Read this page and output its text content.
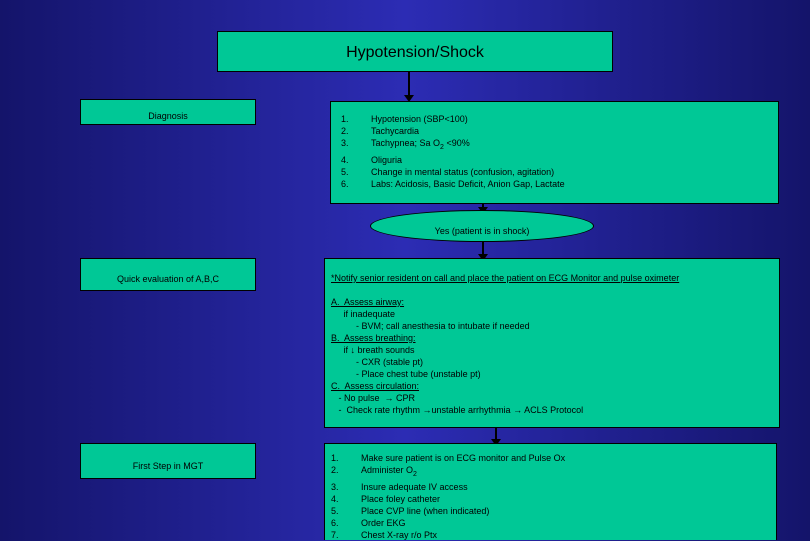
Hypotension/Shock
$_{Diagnosis}$	1. Hypotension (SBP<100)
2. Tachycardia
3. Tachypnea; Sa $O_2 <90\%$
4. Oliguria
5. Change in mental status (confusion, agitation)
6. Labs: Acidosis, Basic Deficit, Anion Gap, Lactate
$_{Yes (patient is in shock)}$
$_{Quick evaluation of A,B,C}$	*Notify senior resident on call and place the patient on ECG Monitor and pulse oximeter
A.  Assess airway:
if inadequate
- BVM; call anesthesia to intubate if needed
B.  Assess breathing:
if ↓ breath sounds
- CXR (stable pt)
- Place chest tube (unstable pt)
C.  Assess circulation:
- No pulse  → CPR
-  Check rate rhythm →unstable arrhythmia → ACLS Protocol
$_{First Step in MGT}$
1. Make sure patient is on ECG monitor and Pulse Ox
2. Administer $O_2$
3. Insure adequate IV access
4. Place foley catheter
5. Place CVP line (when indicated)
6. Order EKG
7. Chest X-ray r/o Ptx
